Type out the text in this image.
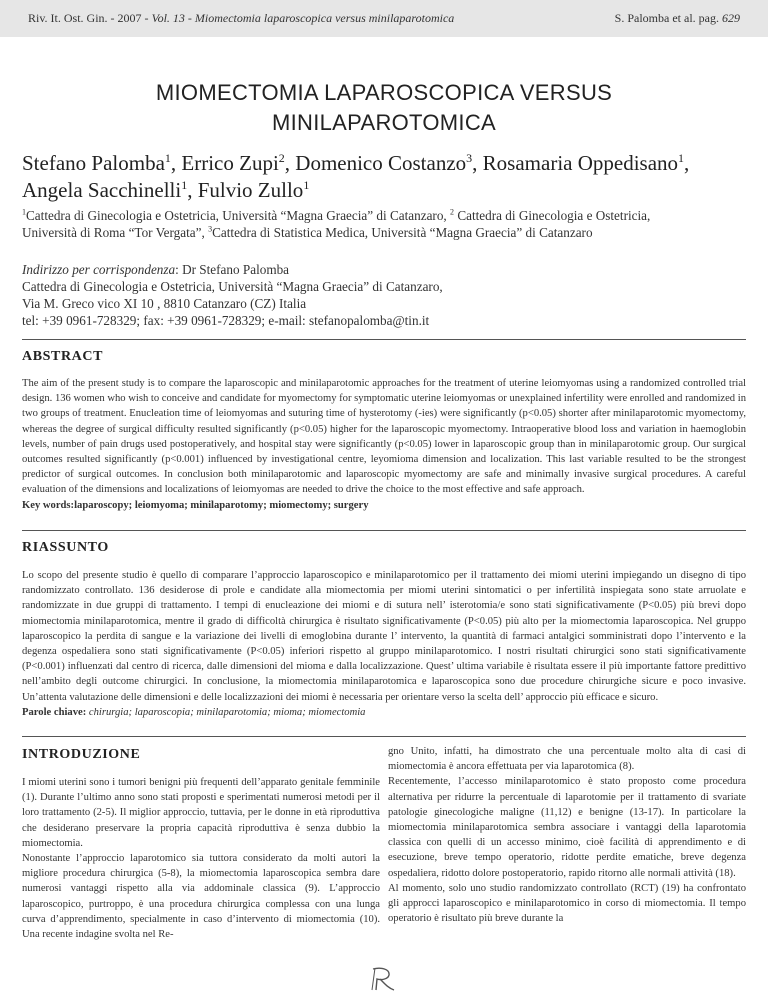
Riv. It. Ost. Gin. - 2007 - Vol. 13 - Miomectomia laparoscopica versus minilaparotomica	S. Palomba et al. pag. 629
MIOMECTOMIA LAPAROSCOPICA VERSUS
MINILAPAROTOMICA
Stefano Palomba$^1$, Errico Zupi$^2$, Domenico Costanzo$^3$, Rosamaria Oppedisano$^1$,
Angela Sacchinelli$^1$, Fulvio Zullo$^1$
$^1$Cattedra di Ginecologia e Ostetricia, Università “Magna Graecia” di Catanzaro, $^2$ Cattedra di Ginecologia e Ostetricia,
Università di Roma “Tor Vergata”, $^3$Cattedra di Statistica Medica, Università “Magna Graecia” di Catanzaro
Indirizzo per corrispondenza: Dr Stefano Palomba
Cattedra di Ginecologia e Ostetricia, Università “Magna Graecia” di Catanzaro,
Via M. Greco vico XI 10 , 8810 Catanzaro (CZ) Italia
tel: +39 0961-728329; fax: +39 0961-728329; e-mail: stefanopalomba@tin.it
ABSTRACT
The aim of the present study is to compare the laparoscopic and minilaparotomic approaches for the treatment of uterine leiomyomas using a randomized controlled trial design. 136 women who wish to conceive and candidate for myomectomy for symptomatic uterine leiomyomas or unexplained infertility were enrolled and randomized in two groups of treatment. Enucleation time of leiomyomas and suturing time of hysterotomy (-ies) were significantly (p<0.05) shorter after minilaparotomic myomectomy, whereas the degree of surgical difficulty resulted significantly (p<0.05) higher for the laparoscopic myomectomy. Intraoperative blood loss and variation in haemoglobin levels, number of pain drugs used postoperatively, and hospital stay were significantly (p<0.05) lower in laparoscopic group than in minilaparotomic group. Our surgical outcomes resulted significantly (p<0.001) influenced by investigational centre, leyomioma dimension and localization. This last variable resulted to be the strongest predictor of surgical outcomes. In conclusion both minilaparotomic and laparoscopic myomectomy are safe and minimally invasive surgical procedures. A careful evaluation of the dimensions and localizations of leiomyomas are needed to drive the choice to the most effective and safe approach.
Key words:laparoscopy; leiomyoma; minilaparotomy; miomectomy; surgery
RIASSUNTO
Lo scopo del presente studio è quello di comparare l’approccio laparoscopico e minilaparotomico per il trattamento dei miomi uterini impiegando un disegno di tipo randomizzato controllato. 136 desiderose di prole e candidate alla miomectomia per miomi uterini sintomatici o per infertilità inspiegata sono state arruolate e randomizzate in due gruppi di trattamento. I tempi di enucleazione dei miomi e di sutura nell’ isterotomia/e sono stati significativamente (P<0.05) più brevi dopo miomectomia minilaparotomica, mentre il grado di difficoltà chirurgica è risultato significativamente (P<0.05) più alto per la miomectomia laparoscopica. Nel gruppo laparoscopico la perdita di sangue e la variazione dei livelli di emoglobina durante l’ intervento, la quantità di farmaci antalgici somministrati dopo l’intervento e la degenza ospedaliera sono stati significativamente (P<0.05) inferiori rispetto al gruppo minilaparotomico. I nostri risultati chirurgici sono stati significativamente (P<0.001) influenzati dal centro di ricerca, dalle dimensioni del mioma e dalla localizzazione. Quest’ ultima variabile è risultata essere il più importante fattore predittivo nell’ambito degli outcome chirurgici. In conclusione, la miomectomia minilaparotomica e laparoscopica sono due procedure chirurgiche sicure e poco invasive. Un’attenta valutazione delle dimensioni e delle localizzazioni dei miomi è necessaria per orientare verso la scelta dell’ approccio più efficace e sicuro.
Parole chiave: chirurgia; laparoscopia; minilaparotomia; mioma; miomectomia
INTRODUZIONE

I miomi uterini sono i tumori benigni più frequenti dell’apparato genitale femminile (1). Durante l’ultimo anno sono stati proposti e sperimentati numerosi metodi per il loro trattamento (2-5). Il miglior approccio, tuttavia, per le donne in età riproduttiva che desiderano preservare la propria capacità riproduttiva è senza dubbio la miomectomia.

Nonostante l’approccio laparotomico sia tuttora considerato da molti autori la migliore procedura chirurgica (5-8), la miomectomia laparoscopica sembra dare numerosi vantaggi rispetto alla via addominale classica (9). L’approccio laparoscopico, purtroppo, è una procedura chirurgica complessa con una lunga curva d’apprendimento, specialmente in caso d’intervento di miomectomia (10). Una recente indagine svolta nel Re-

gno Unito, infatti, ha dimostrato che una percentuale molto alta di casi di miomectomia è ancora effettuata per via laparotomica (8).

Recentemente, l’accesso minilaparotomico è stato proposto come procedura alternativa per ridurre la percentuale di laparotomie per il trattamento di svariate patologie ginecologiche maligne (11,12) e benigne (13-17). In particolare la miomectomia minilaparotomica sembra associare i vantaggi della laparotomia classica con quelli di un accesso minimo, cioè facilità di apprendimento e di esecuzione, breve tempo operatorio, ridotte perdite ematiche, breve degenza ospedaliera, ridotto dolore postoperatorio, rapido ritorno alle normali attività (18).

Al momento, solo uno studio randomizzato controllato (RCT) (19) ha confrontato gli approcci laparoscopico e minilaparotomico in corso di miomectomia. Il tempo operatorio è risultato più breve durante la
